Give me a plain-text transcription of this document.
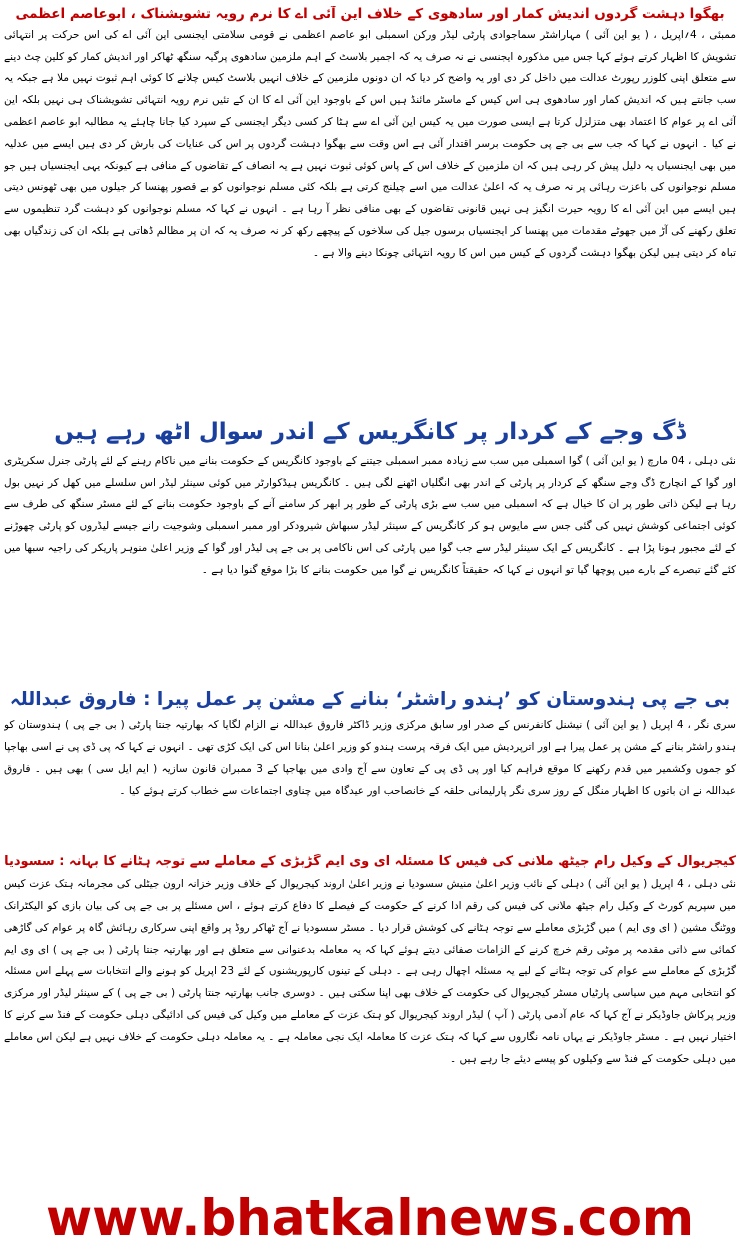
بھگوا دہشت گردوں اندیش کمار اور سادھوی کے خلاف این آئی اے کا نرم رویہ تشویشناک ، ابوعاصم اعظمی

ممبئی ، 4؍اپریل ، ( یو این آئی ) مہاراشٹر سماجوادی پارٹی لیڈر ورکن اسمبلی ابو عاصم اعظمی نے قومی سلامتی ایجنسی این آئی اے کی اس حرکت پر انتہائی تشویش کا اظہار کرتے ہوئے کہا جس میں مذکورہ ایجنسی نے نہ صرف یہ کہ اجمیر بلاسٹ کے اہم ملزمین سادھوی پرگیہ سنگھ ٹھاکر اور اندیش کمار کو کلین چٹ دینے سے متعلق اپنی کلوزر رپورٹ عدالت میں داخل کر دی اور یہ واضح کر دیا کہ ان دونوں ملزمین کے خلاف انہیں بلاسٹ کیس چلانے کا کوئی اہم ثبوت نہیں ملا ہے جبکہ یہ سب جانتے ہیں کہ اندیش کمار اور سادھوی ہی اس کیس کے ماسٹر مائنڈ ہیں اس کے باوجود این آئی اے کا ان کے تئیں نرم رویہ انتہائی تشویشناک ہی نہیں بلکہ این آئی اے پر عوام کا اعتماد بھی متزلزل کرتا ہے ایسی صورت میں یہ کیس این آئی اے سے ہٹا کر کسی دیگر ایجنسی کے سپرد کیا جانا چاہئے یہ مطالبہ ابو عاصم اعظمی نے کیا ۔ انہوں نے کہا کہ جب سے بی جے پی حکومت برسر اقتدار آئی ہے اس وقت سے بھگوا دہشت گردوں پر اس کی عنایات کی بارش کر دی ہیں ایسے میں عدلیہ میں بھی ایجنسیاں یہ دلیل پیش کر رہی ہیں کہ ان ملزمین کے خلاف اس کے پاس کوئی ثبوت نہیں ہے یہ انصاف کے تقاضوں کے منافی ہے کیونکہ یہی ایجنسیاں ہیں جو مسلم نوجوانوں کی باعزت رہائی پر نہ صرف یہ کہ اعلیٰ عدالت میں اسے چیلنج کرتی ہے بلکہ کئی مسلم نوجوانوں کو بے قصور پھنسا کر جیلوں میں بھی ٹھونس دیتی ہیں ایسے میں این آئی اے کا رویہ حیرت انگیز ہی نہیں قانونی تقاضوں کے بھی منافی نظر آ رہا ہے ۔ انہوں نے کہا کہ مسلم نوجوانوں کو دہشت گرد تنظیموں سے تعلق رکھنے کی آڑ میں جھوٹے مقدمات میں پھنسا کر ایجنسیاں برسوں جیل کی سلاخوں کے پیچھے رکھ کر نہ صرف یہ کہ ان پر مظالم ڈھاتی ہے بلکہ ان کی زندگیاں بھی تباہ کر دیتی ہیں لیکن بھگوا دہشت گردوں کے کیس میں اس کا رویہ انتہائی چونکا دینے والا ہے ۔

ڈگ وجے کے کردار پر کانگریس کے اندر سوال اٹھ رہے ہیں

نئی دہلی ، 04 مارچ ( یو این آئی ) گوا اسمبلی میں سب سے زیادہ ممبر اسمبلی جیتنے کے باوجود کانگریس کے حکومت بنانے میں ناکام رہنے کے لئے پارٹی جنرل سکریٹری اور گوا کے انچارج ڈگ وجے سنگھ کے کردار پر پارٹی کے اندر بھی انگلیاں اٹھنے لگی ہیں ۔ کانگریس ہیڈکوارٹر میں کوئی سینئر لیڈر اس سلسلے میں کھل کر نہیں بول رہا ہے لیکن ذاتی طور پر ان کا خیال ہے کہ اسمبلی میں سب سے بڑی پارٹی کے طور پر ابھر کر سامنے آنے کے باوجود حکومت بنانے کے لئے مسٹر سنگھ کی طرف سے کوئی اجتماعی کوشش نہیں کی گئی جس سے مایوس ہو کر کانگریس کے سینئر لیڈر سبھاش شیرودکر اور ممبر اسمبلی وشوجیت رانے جیسے لیڈروں کو پارٹی چھوڑنے کے لئے مجبور ہونا پڑا ہے ۔ کانگریس کے ایک سینئر لیڈر سے جب گوا میں پارٹی کی اس ناکامی پر بی جے پی لیڈر اور گوا کے وزیر اعلیٰ منوہر پاریکر کی راجیہ سبھا میں کئے گئے تبصرے کے بارے میں پوچھا گیا تو انہوں نے کہا کہ حقیقتاً کانگریس نے گوا میں حکومت بنانے کا بڑا موقع گنوا دیا ہے ۔

بی جے پی ہندوستان کو ’ہندو راشٹر‘ بنانے کے مشن پر عمل پیرا : فاروق عبداللہ

سری نگر ، 4 اپریل ( یو این آئی ) نیشنل کانفرنس کے صدر اور سابق مرکزی وزیر ڈاکٹر فاروق عبداللہ نے الزام لگایا کہ بھارتیہ جنتا پارٹی ( بی جے پی ) ہندوستان کو ہندو راشٹر بنانے کے مشن پر عمل پیرا ہے اور اترپردیش میں ایک فرقہ پرست ہندو کو وزیر اعلیٰ بنانا اس کی ایک کڑی تھی ۔ انہوں نے کہا کہ پی ڈی پی نے اسی بھاجپا کو جموں وکشمیر میں قدم رکھنے کا موقع فراہم کیا اور پی ڈی پی کے تعاون سے آج وادی میں بھاجپا کے 3 ممبران قانون سازیہ ( ایم ایل سی ) بھی ہیں ۔ فاروق عبداللہ نے ان باتوں کا اظہار منگل کے روز سری نگر پارلیمانی حلقہ کے خانصاحب اور عیدگاہ میں چناوی اجتماعات سے خطاب کرتے ہوئے کیا ۔

کیجریوال کے وکیل رام جیٹھ ملانی کی فیس کا مسئلہ ای وی ایم گڑبڑی کے معاملے سے توجہ ہٹانے کا بہانہ : سسودیا

نئی دہلی ، 4 اپریل ( یو این آئی ) دہلی کے نائب وزیر اعلیٰ منیش سسودیا نے وزیر اعلیٰ اروند کیجریوال کے خلاف وزیر خزانہ ارون جیٹلی کی مجرمانہ ہتک عزت کیس میں سپریم کورٹ کے وکیل رام جیٹھ ملانی کی فیس کی رقم ادا کرنے کے حکومت کے فیصلے کا دفاع کرتے ہوئے ، اس مسئلے پر بی جے پی کی بیان بازی کو الیکٹرانک ووٹنگ مشین ( ای وی ایم ) میں گڑبڑی معاملے سے توجہ ہٹانے کی کوشش قرار دیا ۔ مسٹر سسودیا نے آج ٹھاکر روڈ پر واقع اپنی سرکاری رہائش گاہ پر عوام کی گاڑھی کمائی سے ذاتی مقدمہ پر موٹی رقم خرچ کرنے کے الزامات صفائی دیتے ہوئے کہا کہ یہ معاملہ بدعنوانی سے متعلق ہے اور بھارتیہ جنتا پارٹی ( بی جے پی ) ای وی ایم گڑبڑی کے معاملے سے عوام کی توجہ ہٹانے کے لیے یہ مسئلہ اچھال رہی ہے ۔ دہلی کے تینوں کارپوریشنوں کے لئے 23 اپریل کو ہونے والے انتخابات سے پہلے اس مسئلہ کو انتخابی مہم میں سیاسی پارٹیاں مسٹر کیجریوال کی حکومت کے خلاف بھی اپنا سکتی ہیں ۔ دوسری جانب بھارتیہ جنتا پارٹی ( بی جے پی ) کے سینئر لیڈر اور مرکزی وزیر پرکاش جاوڈیکر نے آج کہا کہ عام آدمی پارٹی ( آپ ) لیڈر اروند کیجریوال کو ہتک عزت کے معاملے میں وکیل کی فیس کی ادائیگی دہلی حکومت کے فنڈ سے کرنے کا اختیار نہیں ہے ۔ مسٹر جاوڈیکر نے یہاں نامہ نگاروں سے کہا کہ ہتک عزت کا معاملہ ایک نجی معاملہ ہے ۔ یہ معاملہ دہلی حکومت کے خلاف نہیں ہے لیکن اس معاملے میں دہلی حکومت کے فنڈ سے وکیلوں کو پیسے دیئے جا رہے ہیں ۔

www.bhatkalnews.com
